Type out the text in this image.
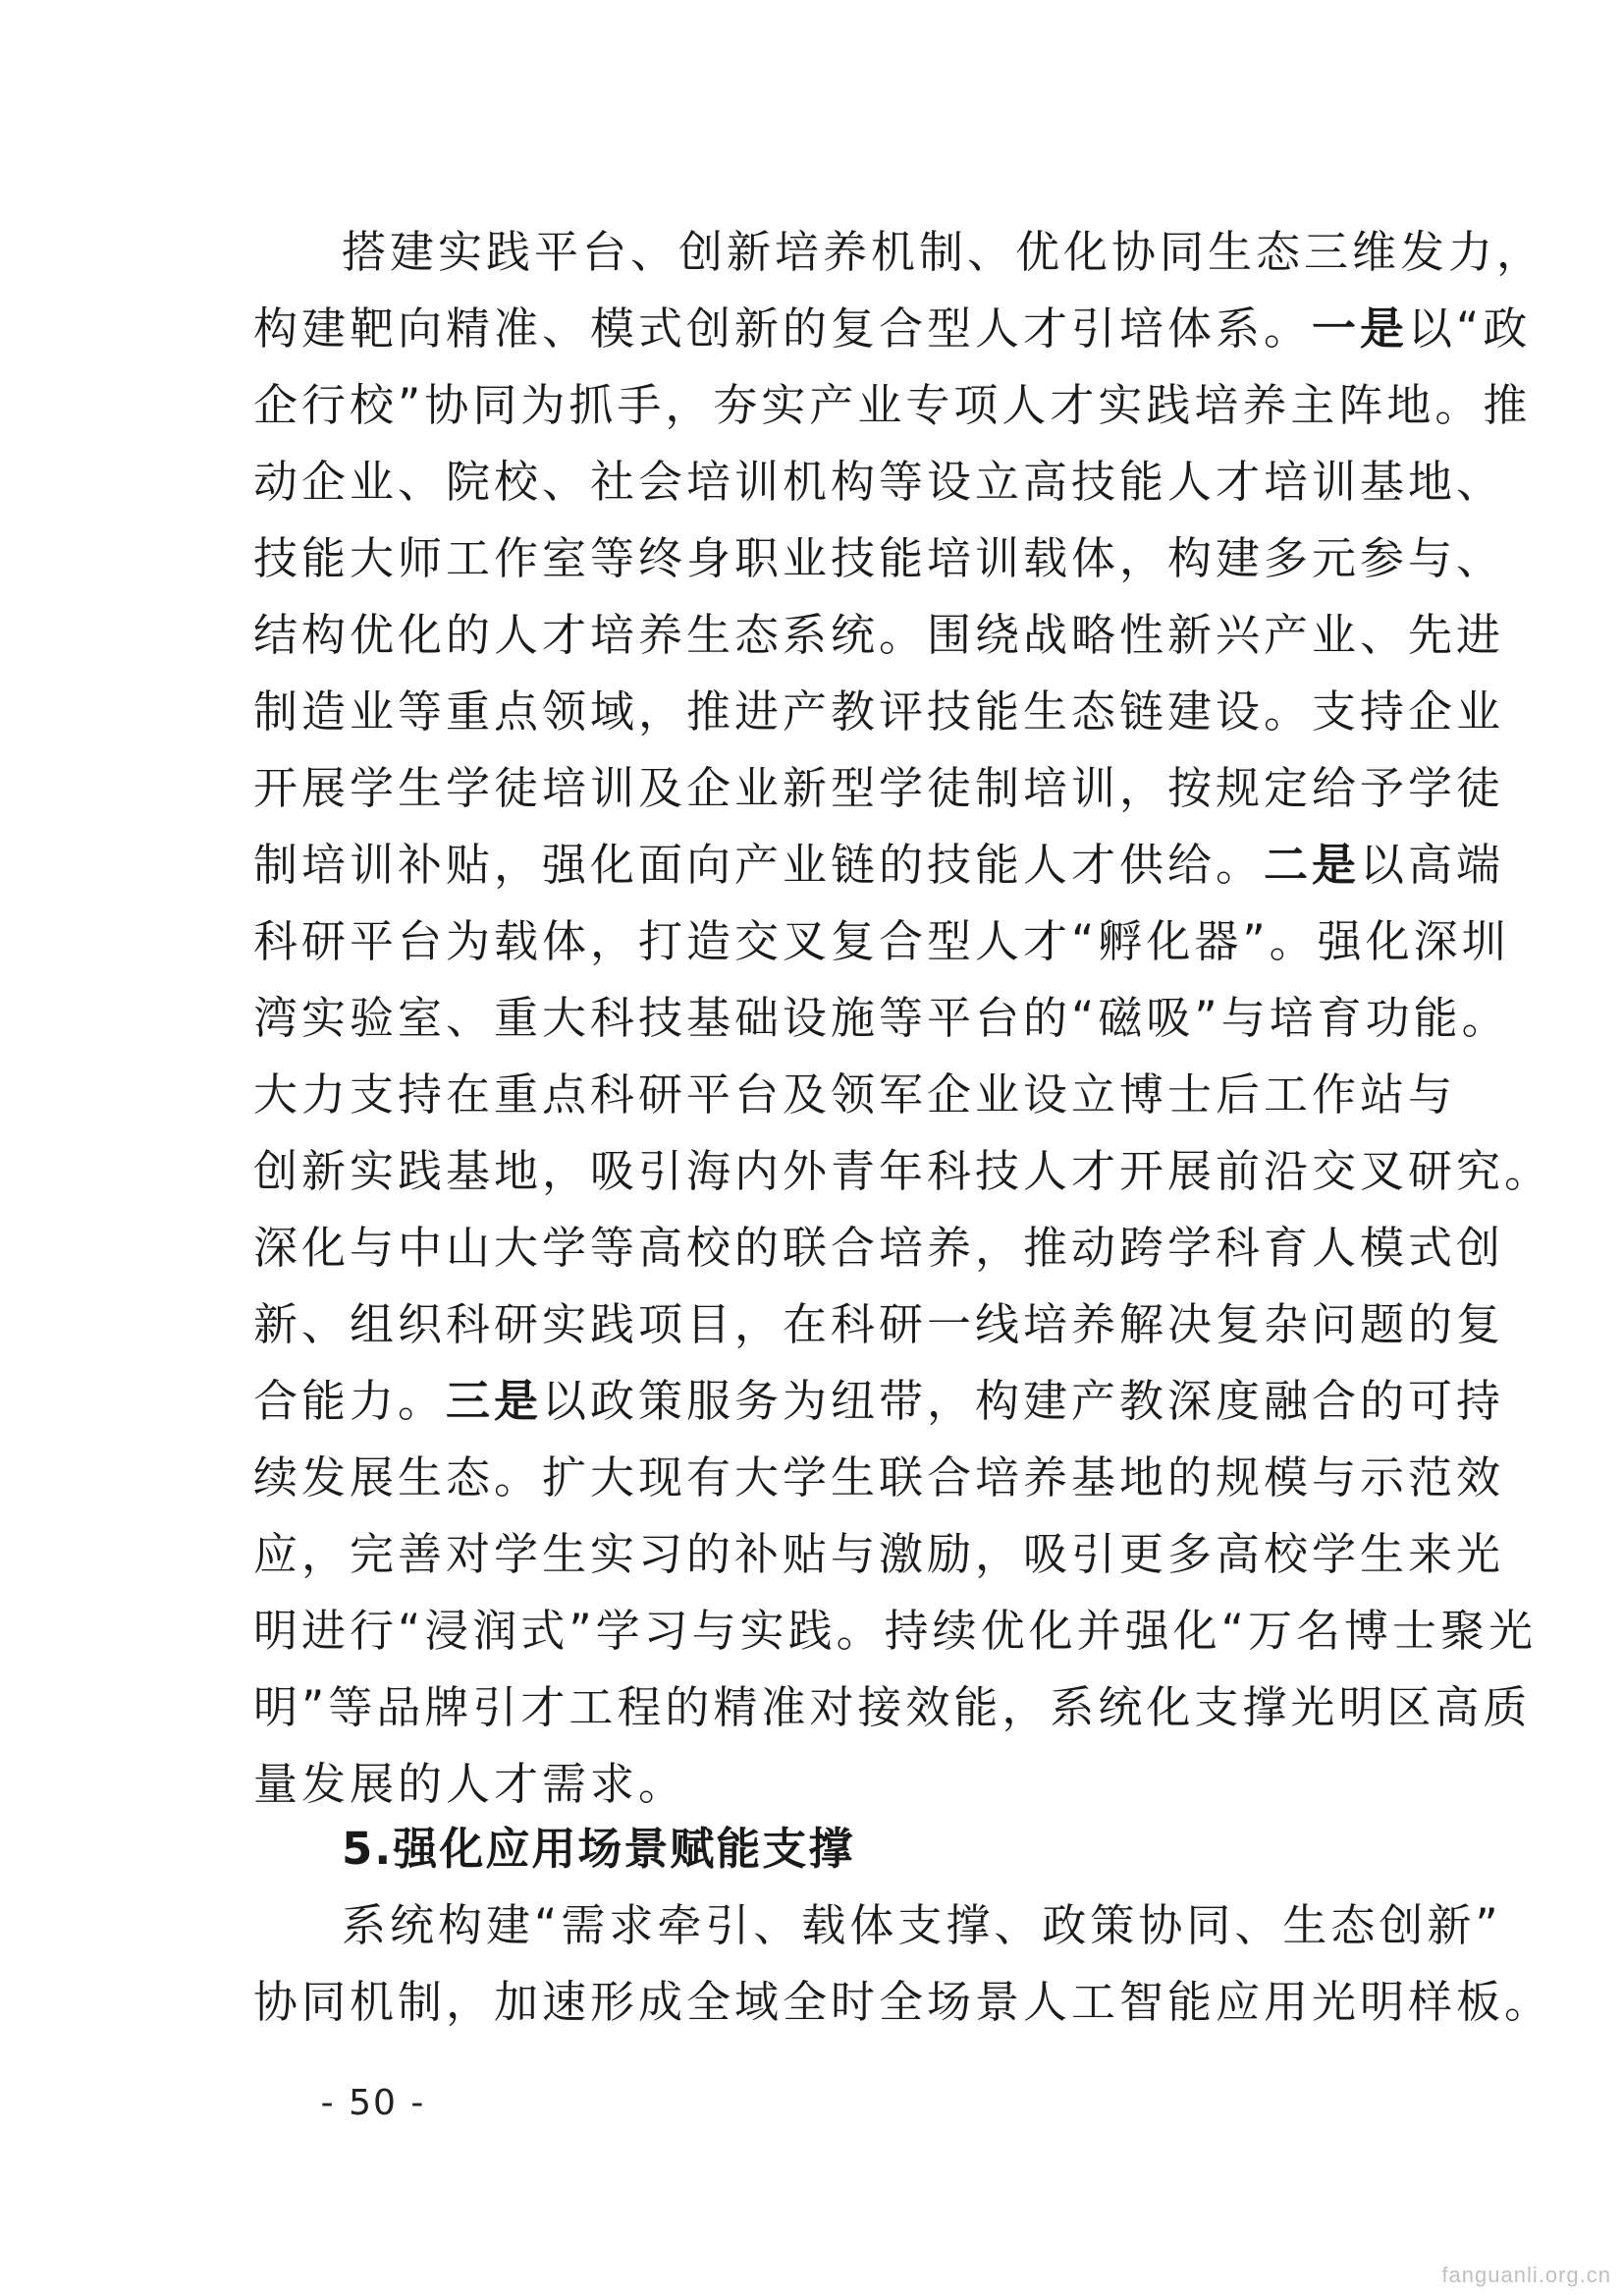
搭建实践平台、创新培养机制、优化协同生态三维发力，
构建靶向精准、模式创新的复合型人才引培体系。一是以“政
企行校”协同为抓手，夯实产业专项人才实践培养主阵地。推
动企业、院校、社会培训机构等设立高技能人才培训基地、
技能大师工作室等终身职业技能培训载体，构建多元参与、
结构优化的人才培养生态系统。围绕战略性新兴产业、先进
制造业等重点领域，推进产教评技能生态链建设。支持企业
开展学生学徒培训及企业新型学徒制培训，按规定给予学徒
制培训补贴，强化面向产业链的技能人才供给。二是以高端
科研平台为载体，打造交叉复合型人才“孵化器”。强化深圳
湾实验室、重大科技基础设施等平台的“磁吸”与培育功能。
大力支持在重点科研平台及领军企业设立博士后工作站与
创新实践基地，吸引海内外青年科技人才开展前沿交叉研究。
深化与中山大学等高校的联合培养，推动跨学科育人模式创
新、组织科研实践项目，在科研一线培养解决复杂问题的复
合能力。三是以政策服务为纽带，构建产教深度融合的可持
续发展生态。扩大现有大学生联合培养基地的规模与示范效
应，完善对学生实习的补贴与激励，吸引更多高校学生来光
明进行“浸润式”学习与实践。持续优化并强化“万名博士聚光
明”等品牌引才工程的精准对接效能，系统化支撑光明区高质
量发展的人才需求。
5.强化应用场景赋能支撑
系统构建“需求牵引、载体支撑、政策协同、生态创新”
协同机制，加速形成全域全时全场景人工智能应用光明样板。
- 50 -
fanguanli.org.cn
